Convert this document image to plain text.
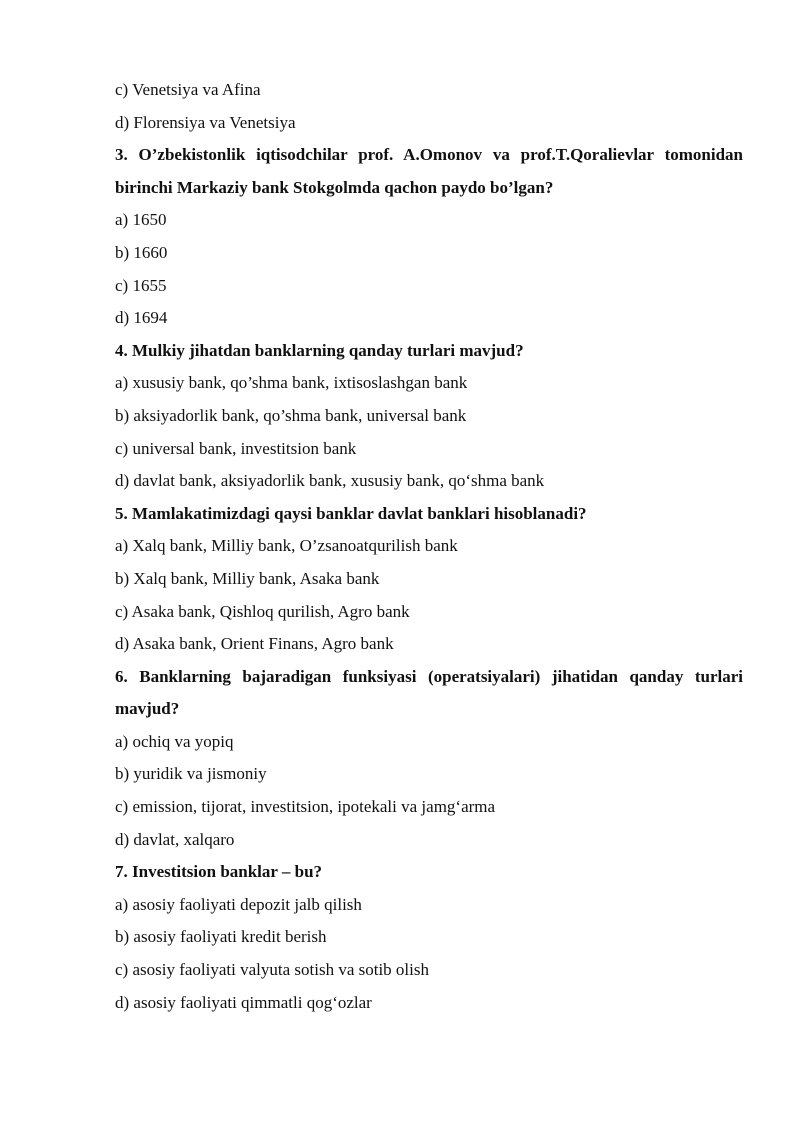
c) Venetsiya va Afina
d) Florensiya va Venetsiya
3. O’zbekistonlik iqtisodchilar prof. A.Omonov va prof.T.Qoralievlar tomonidan birinchi Markaziy bank Stokgolmda qachon paydo bo’lgan?
a) 1650
b) 1660
c) 1655
d) 1694
4. Mulkiy jihatdan banklarning qanday turlari mavjud?
a) xususiy bank, qo’shma bank, ixtisoslashgan bank
b) aksiyadorlik bank, qo’shma bank, universal bank
c) universal bank, investitsion bank
d) davlat bank, aksiyadorlik bank, xususiy bank, qo‘shma bank
5. Mamlakatimizdagi qaysi banklar davlat banklari hisoblanadi?
a) Xalq bank, Milliy bank, O’zsanoatqurilish bank
b) Xalq bank, Milliy bank, Asaka bank
c) Asaka bank, Qishloq qurilish, Agro bank
d) Asaka bank, Orient Finans, Agro bank
6. Banklarning bajaradigan funksiyasi (operatsiyalari) jihatidan qanday turlari mavjud?
a) ochiq va yopiq
b) yuridik va jismoniy
c) emission, tijorat, investitsion, ipotekali va jamg‘arma
d) davlat, xalqaro
7. Investitsion banklar – bu?
a) asosiy faoliyati depozit jalb qilish
b) asosiy faoliyati kredit berish
c) asosiy faoliyati valyuta sotish va sotib olish
d) asosiy faoliyati qimmatli qog‘ozlar
